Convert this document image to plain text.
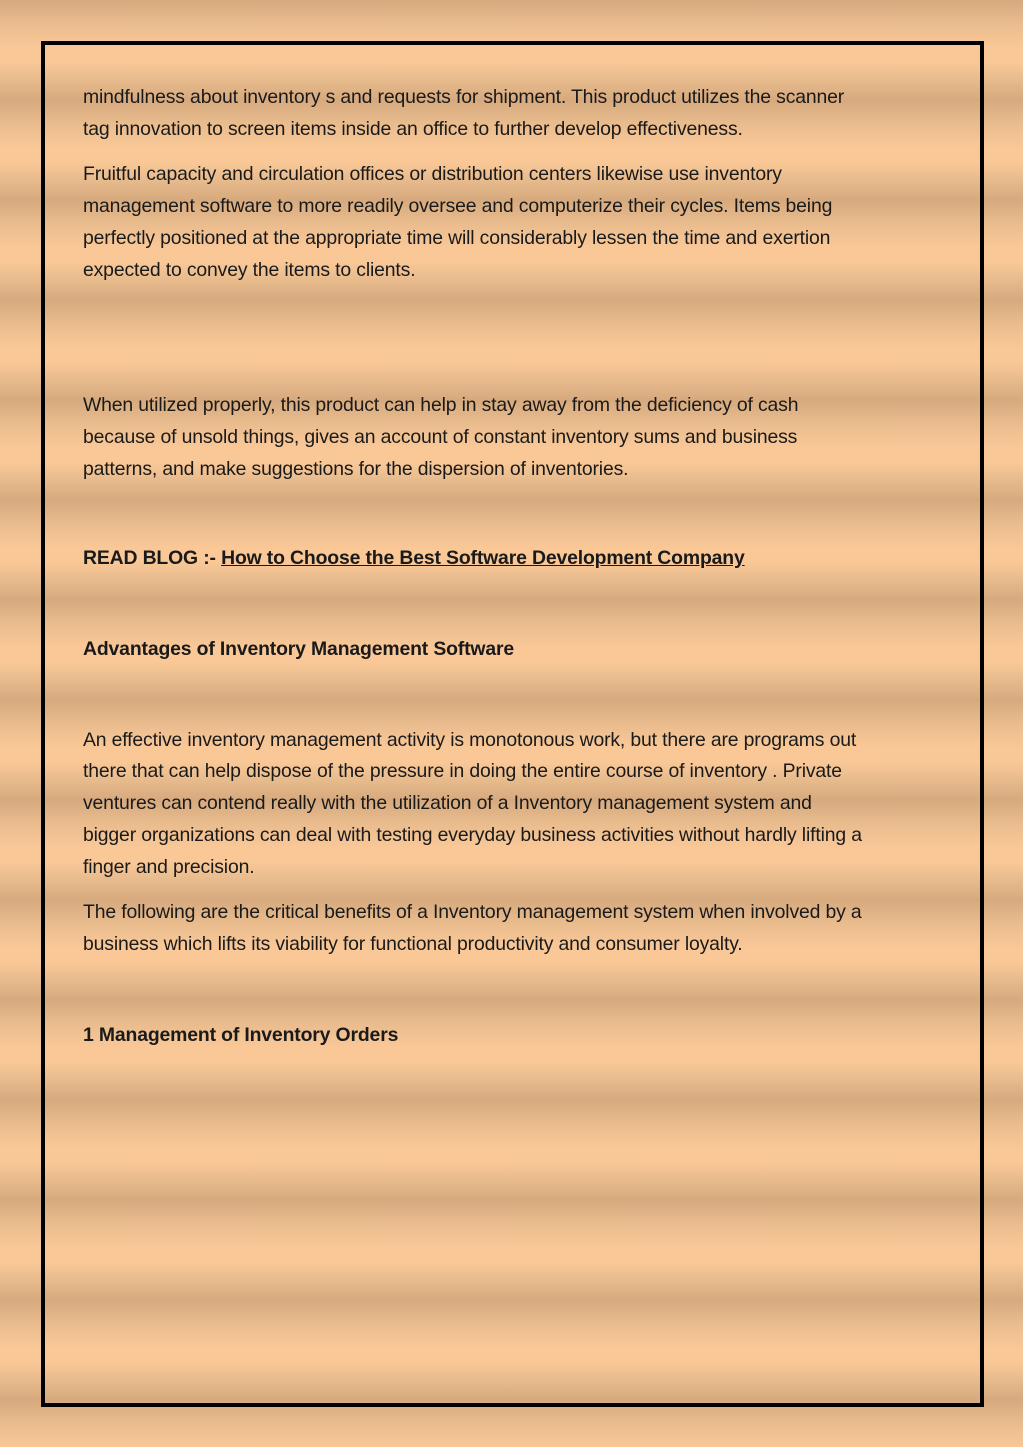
mindfulness about inventory s and requests for shipment. This product utilizes the scanner tag innovation to screen items inside an office to further develop effectiveness.

Fruitful capacity and circulation offices or distribution centers likewise use inventory management software to more readily oversee and computerize their cycles. Items being perfectly positioned at the appropriate time will considerably lessen the time and exertion expected to convey the items to clients.

When utilized properly, this product can help in stay away from the deficiency of cash because of unsold things, gives an account of constant inventory sums and business patterns, and make suggestions for the dispersion of inventories.

READ BLOG :- How to Choose the Best Software Development Company

Advantages of Inventory Management Software

An effective inventory management activity is monotonous work, but there are programs out there that can help dispose of the pressure in doing the entire course of inventory . Private ventures can contend really with the utilization of a Inventory management system and bigger organizations can deal with testing everyday business activities without hardly lifting a finger and precision.

The following are the critical benefits of a Inventory management system when involved by a business which lifts its viability for functional productivity and consumer loyalty.

1 Management of Inventory Orders
